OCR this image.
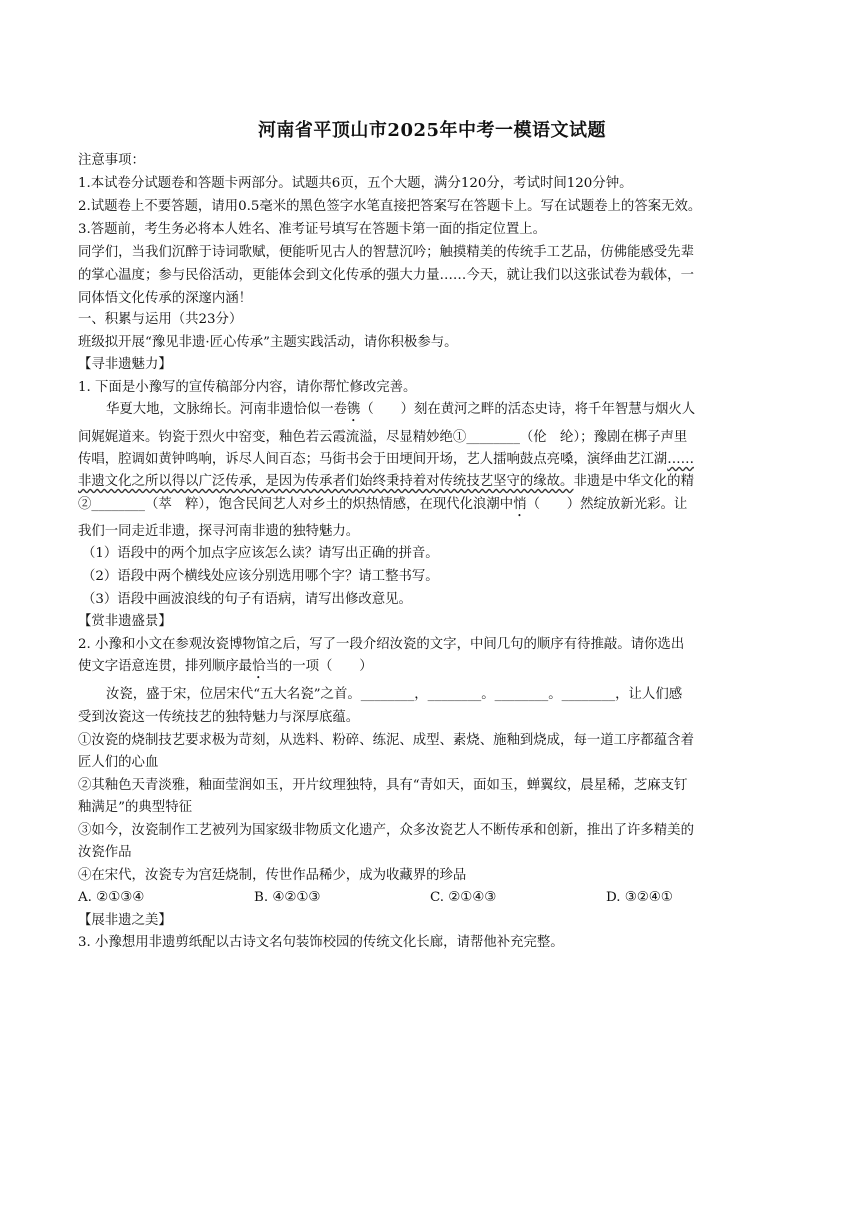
河南省平顶山市2025年中考一模语文试题
注意事项：
1.本试卷分试题卷和答题卡两部分。试题共6页，五个大题，满分120分，考试时间120分钟。
2.试题卷上不要答题，请用0.5毫米的黑色签字水笔直接把答案写在答题卡上。写在试题卷上的答案无效。
3.答题前，考生务必将本人姓名、准考证号填写在答题卡第一面的指定位置上。
同学们，当我们沉醉于诗词歌赋，便能听见古人的智慧沉吟；触摸精美的传统手工艺品，仿佛能感受先辈
的掌心温度；参与民俗活动，更能体会到文化传承的强大力量……今天，就让我们以这张试卷为载体，一
同体悟文化传承的深邃内涵！
一、积累与运用（共23分）
班级拟开展“豫见非遗·匠心传承”主题实践活动，请你积极参与。
【寻非遗魅力】
1. 下面是小豫写的宣传稿部分内容，请你帮忙修改完善。
华夏大地，文脉绵长。河南非遗恰似一卷镌（　　）刻在黄河之畔的活态史诗，将千年智慧与烟火人
间娓娓道来。钧瓷于烈火中窑变，釉色若云霞流溢，尽显精妙绝①________（伦　纶）；豫剧在梆子声里
传唱，腔调如黄钟鸣响，诉尽人间百态；马街书会于田埂间开场，艺人擂响鼓点亮嗓，演绎曲艺江湖……
非遗文化之所以得以广泛传承，是因为传承者们始终秉持着对传统技艺坚守的缘故。非遗是中华文化的精
②________（萃　粹），饱含民间艺人对乡土的炽热情感，在现代化浪潮中悄（　　）然绽放新光彩。让
我们一同走近非遗，探寻河南非遗的独特魅力。
（1）语段中的两个加点字应该怎么读？请写出正确的拼音。
（2）语段中两个横线处应该分别选用哪个字？请工整书写。
（3）语段中画波浪线的句子有语病，请写出修改意见。
【赏非遗盛景】
2. 小豫和小文在参观汝瓷博物馆之后，写了一段介绍汝瓷的文字，中间几句的顺序有待推敲。请你选出
使文字语意连贯，排列顺序最恰当的一项（　　）
汝瓷，盛于宋，位居宋代“五大名瓷”之首。________，________。________。________，让人们感
受到汝瓷这一传统技艺的独特魅力与深厚底蕴。
①汝瓷的烧制技艺要求极为苛刻，从选料、粉碎、练泥、成型、素烧、施釉到烧成，每一道工序都蕴含着
匠人们的心血
②其釉色天青淡雅，釉面莹润如玉，开片纹理独特，具有“青如天，面如玉，蝉翼纹，晨星稀，芝麻支钉
釉满足”的典型特征
③如今，汝瓷制作工艺被列为国家级非物质文化遗产，众多汝瓷艺人不断传承和创新，推出了许多精美的
汝瓷作品
④在宋代，汝瓷专为宫廷烧制，传世作品稀少，成为收藏界的珍品
A. ②①③④	B. ④②①③	C. ②①④③	D. ③②④①
【展非遗之美】
3. 小豫想用非遗剪纸配以古诗文名句装饰校园的传统文化长廊，请帮他补充完整。
